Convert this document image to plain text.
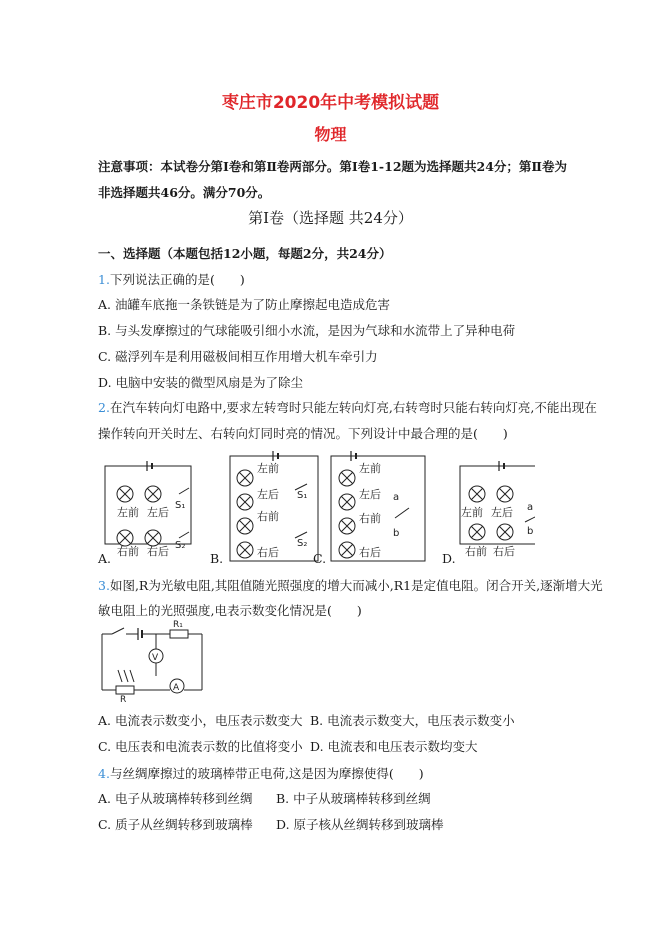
枣庄市2020年中考模拟试题
物理
注意事项：本试卷分第Ⅰ卷和第Ⅱ卷两部分。第Ⅰ卷1-12题为选择题共24分；第Ⅱ卷为
非选择题共46分。满分70分。
第Ⅰ卷（选择题 共24分）
一、选择题（本题包括12小题，每题2分，共24分）
1.下列说法正确的是(　　)
A. 油罐车底拖一条铁链是为了防止摩擦起电造成危害
B. 与头发摩擦过的气球能吸引细小水流，是因为气球和水流带上了异种电荷
C. 磁浮列车是利用磁极间相互作用增大机车牵引力
D. 电脑中安装的微型风扇是为了除尘
2.在汽车转向灯电路中,要求左转弯时只能左转向灯亮,右转弯时只能右转向灯亮,不能出现在
操作转向开关时左、右转向灯同时亮的情况。下列设计中最合理的是(　　)
左前 左后
右前 右后
S₁
S₂
左前
左后
右前
右后
S₁
S₂
左前
左后
右前
右后
a
b
左前 左后
右前 右后
a
b
A.	B.	C.	D.
3.如图,R为光敏电阻,其阻值随光照强度的增大而减小,R1是定值电阻。闭合开关,逐渐增大光
敏电阻上的光照强度,电表示数变化情况是(　　)
R₁
V
A
R
A. 电流表示数变小，电压表示数变大 B. 电流表示数变大，电压表示数变小
C. 电压表和电流表示数的比值将变小 D. 电流表和电压表示数均变大
4.与丝绸摩擦过的玻璃棒带正电荷,这是因为摩擦使得(　　)
A. 电子从玻璃棒转移到丝绸 B. 中子从玻璃棒转移到丝绸
C. 质子从丝绸转移到玻璃棒 D. 原子核从丝绸转移到玻璃棒
